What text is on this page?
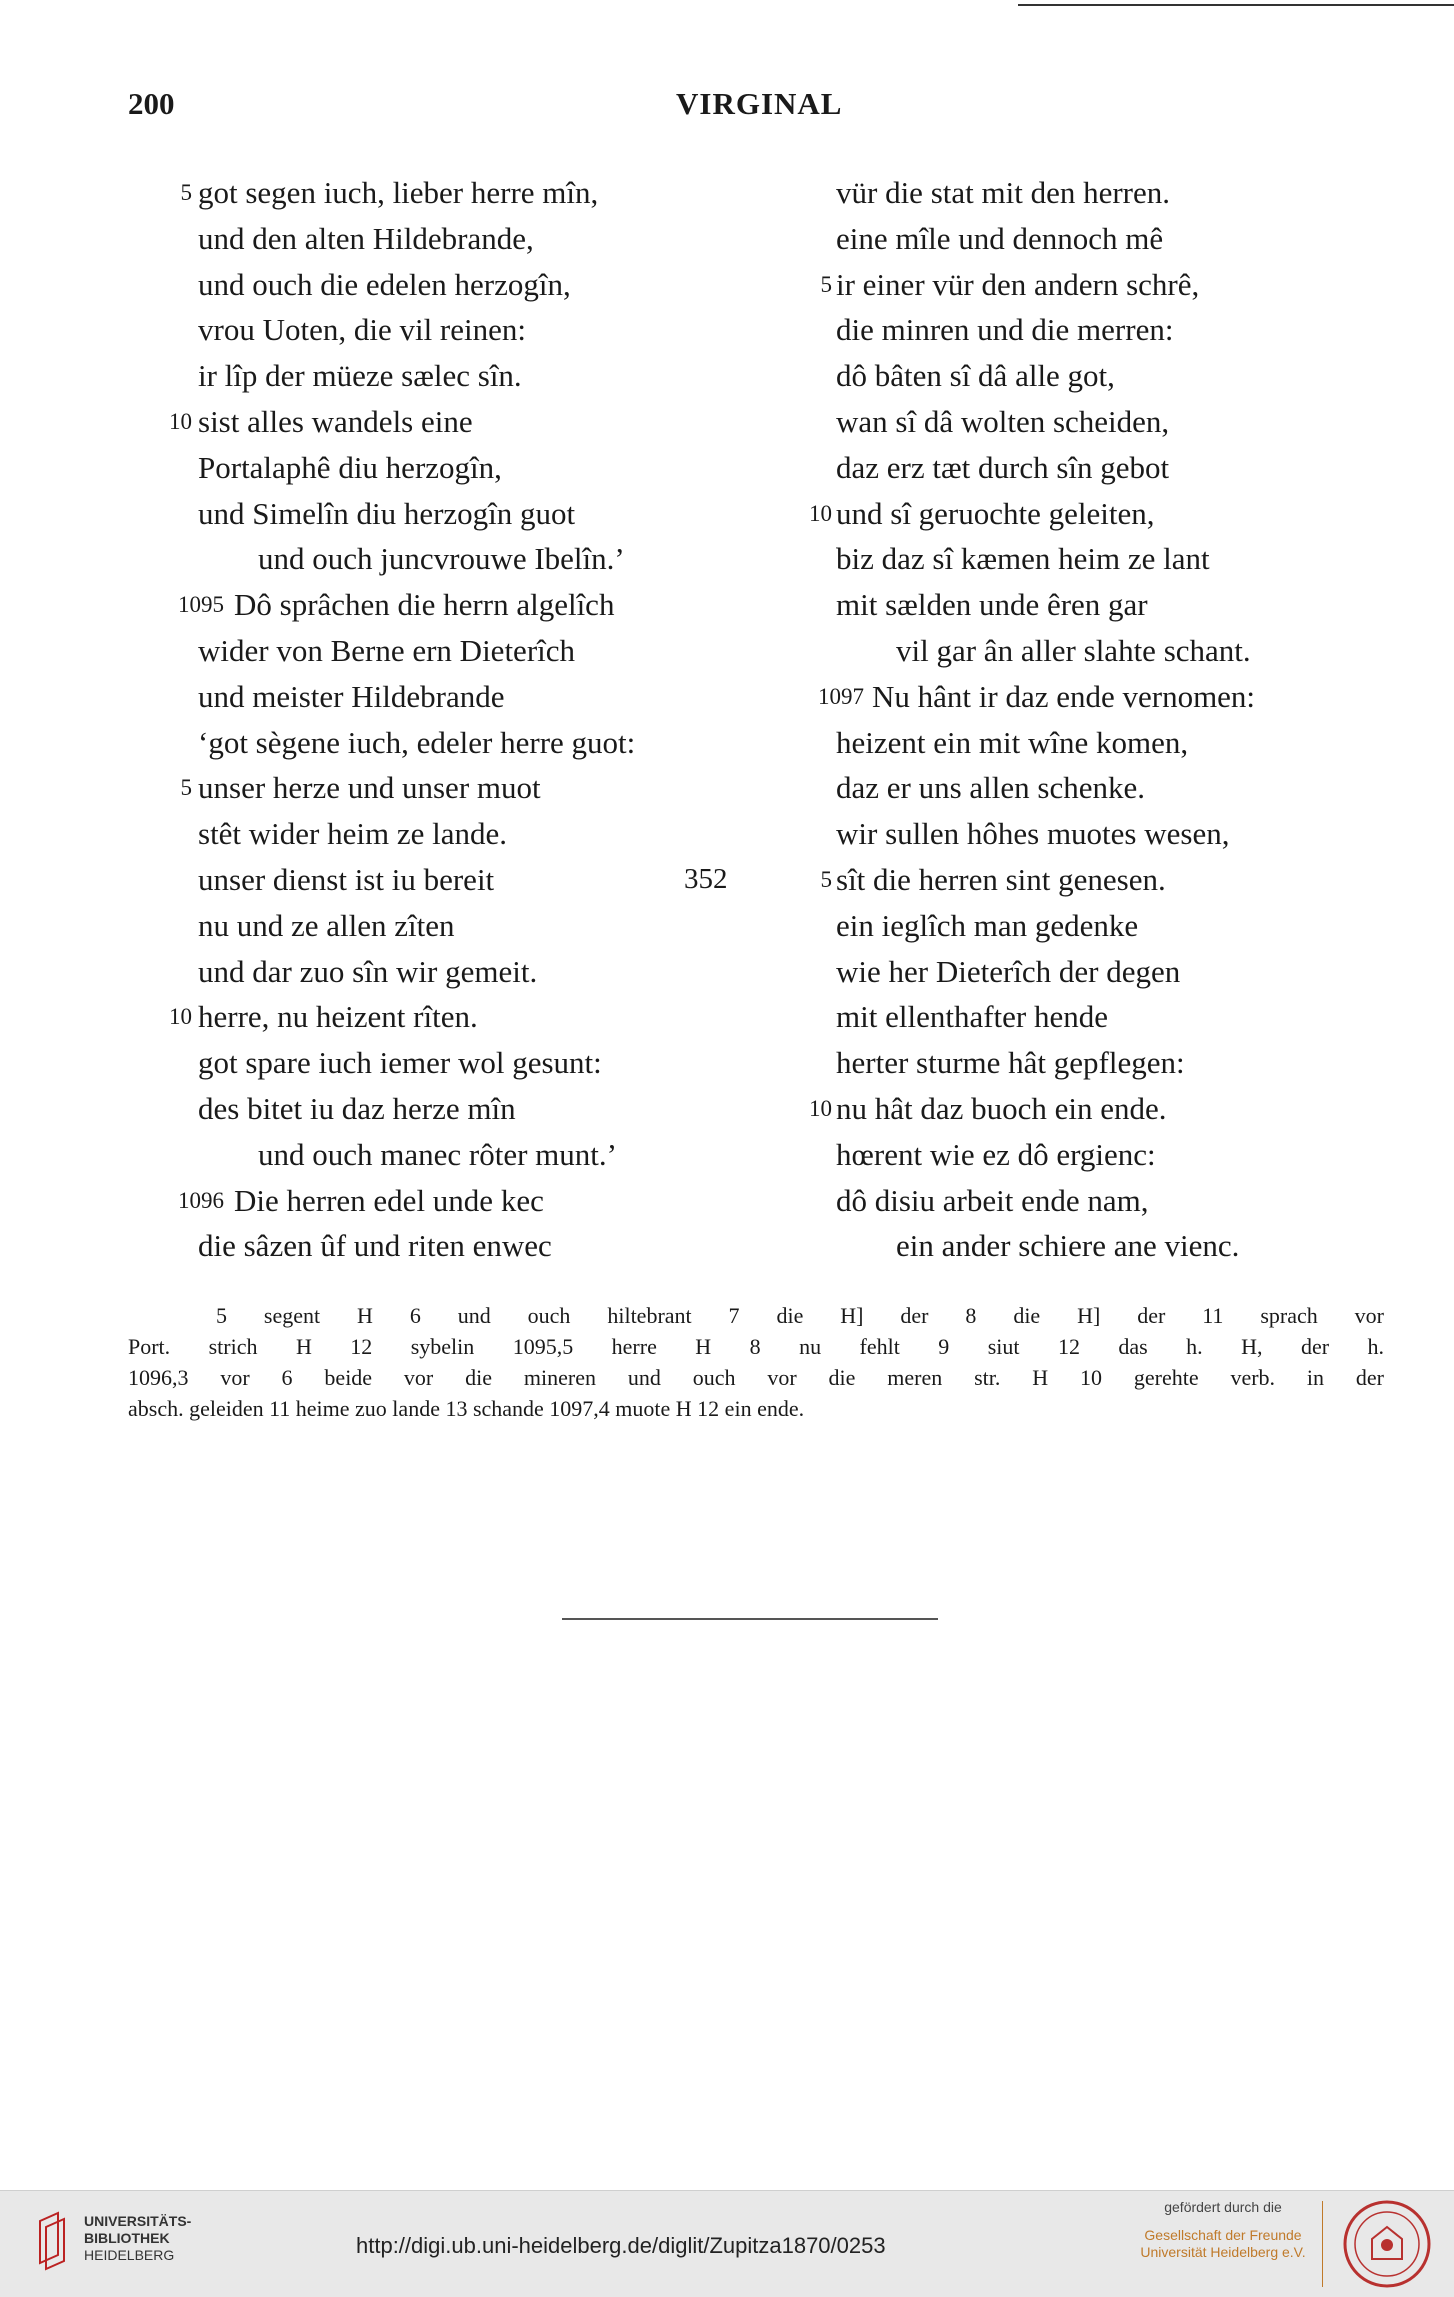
200	VIRGINAL
5 got segen iuch, lieber herre mîn,
und den alten Hildebrande,
und ouch die edelen herzogîn,
vrou Uoten, die vil reinen:
ir lîp der müeze sælec sîn.
10 sist alles wandels eine
Portalaphê diu herzogîn,
und Simelîn diu herzogîn guot
und ouch juncvrouwe Ibelîn.’
1095 Dô sprâchen die herrn algelîch
wider von Berne ern Dieterîch
und meister Hildebrande
‘got sègene iuch, edeler herre guot:
5 unser herze und unser muot
stêt wider heim ze lande.
unser dienst ist iu bereit	352
nu und ze allen zîten
und dar zuo sîn wir gemeit.
10 herre, nu heizent rîten.
got spare iuch iemer wol gesunt:
des bitet iu daz herze mîn
und ouch manec rôter munt.’
1096 Die herren edel unde kec
die sâzen ûf und riten enwec
vür die stat mit den herren.
eine mîle und dennoch mê
5 ir einer vür den andern schrê,
die minren und die merren:
dô bâten sî dâ alle got,
wan sî dâ wolten scheiden,
daz erz tæt durch sîn gebot
10 und sî geruochte geleiten,
biz daz sî kæmen heim ze lant
mit sælden unde êren gar
vil gar ân aller slahte schant.
1097 Nu hânt ir daz ende vernomen:
heizent ein mit wîne komen,
daz er uns allen schenke.
wir sullen hôhes muotes wesen,
5 sît die herren sint genesen.
ein ieglîch man gedenke
wie her Dieterîch der degen
mit ellenthafter hende
herter sturme hât gepflegen:
10 nu hât daz buoch ein ende.
hœrent wie ez dô ergienc:
dô disiu arbeit ende nam,
ein ander schiere ane vienc.

5 segent H 6 und ouch hiltebrant 7 die H] der 8 die H] der 11 sprach vor

Port. strich H 12 sybelin 1095,5 herre H 8 nu fehlt 9 siut 12 das h. H, der h.

1096,3 vor 6 beide vor die mineren und ouch vor die meren str. H 10 gerehte verb. in der

absch. geleiden 11 heime zuo lande 13 schande 1097,4 muote H 12 ein ende.

UNIVERSITÄTS-
BIBLIOTHEK
HEIDELBERG	http://digi.ub.uni-heidelberg.de/diglit/Zupitza1870/0253
gefördert durch die
Gesellschaft der Freunde
Universität Heidelberg e.V.
